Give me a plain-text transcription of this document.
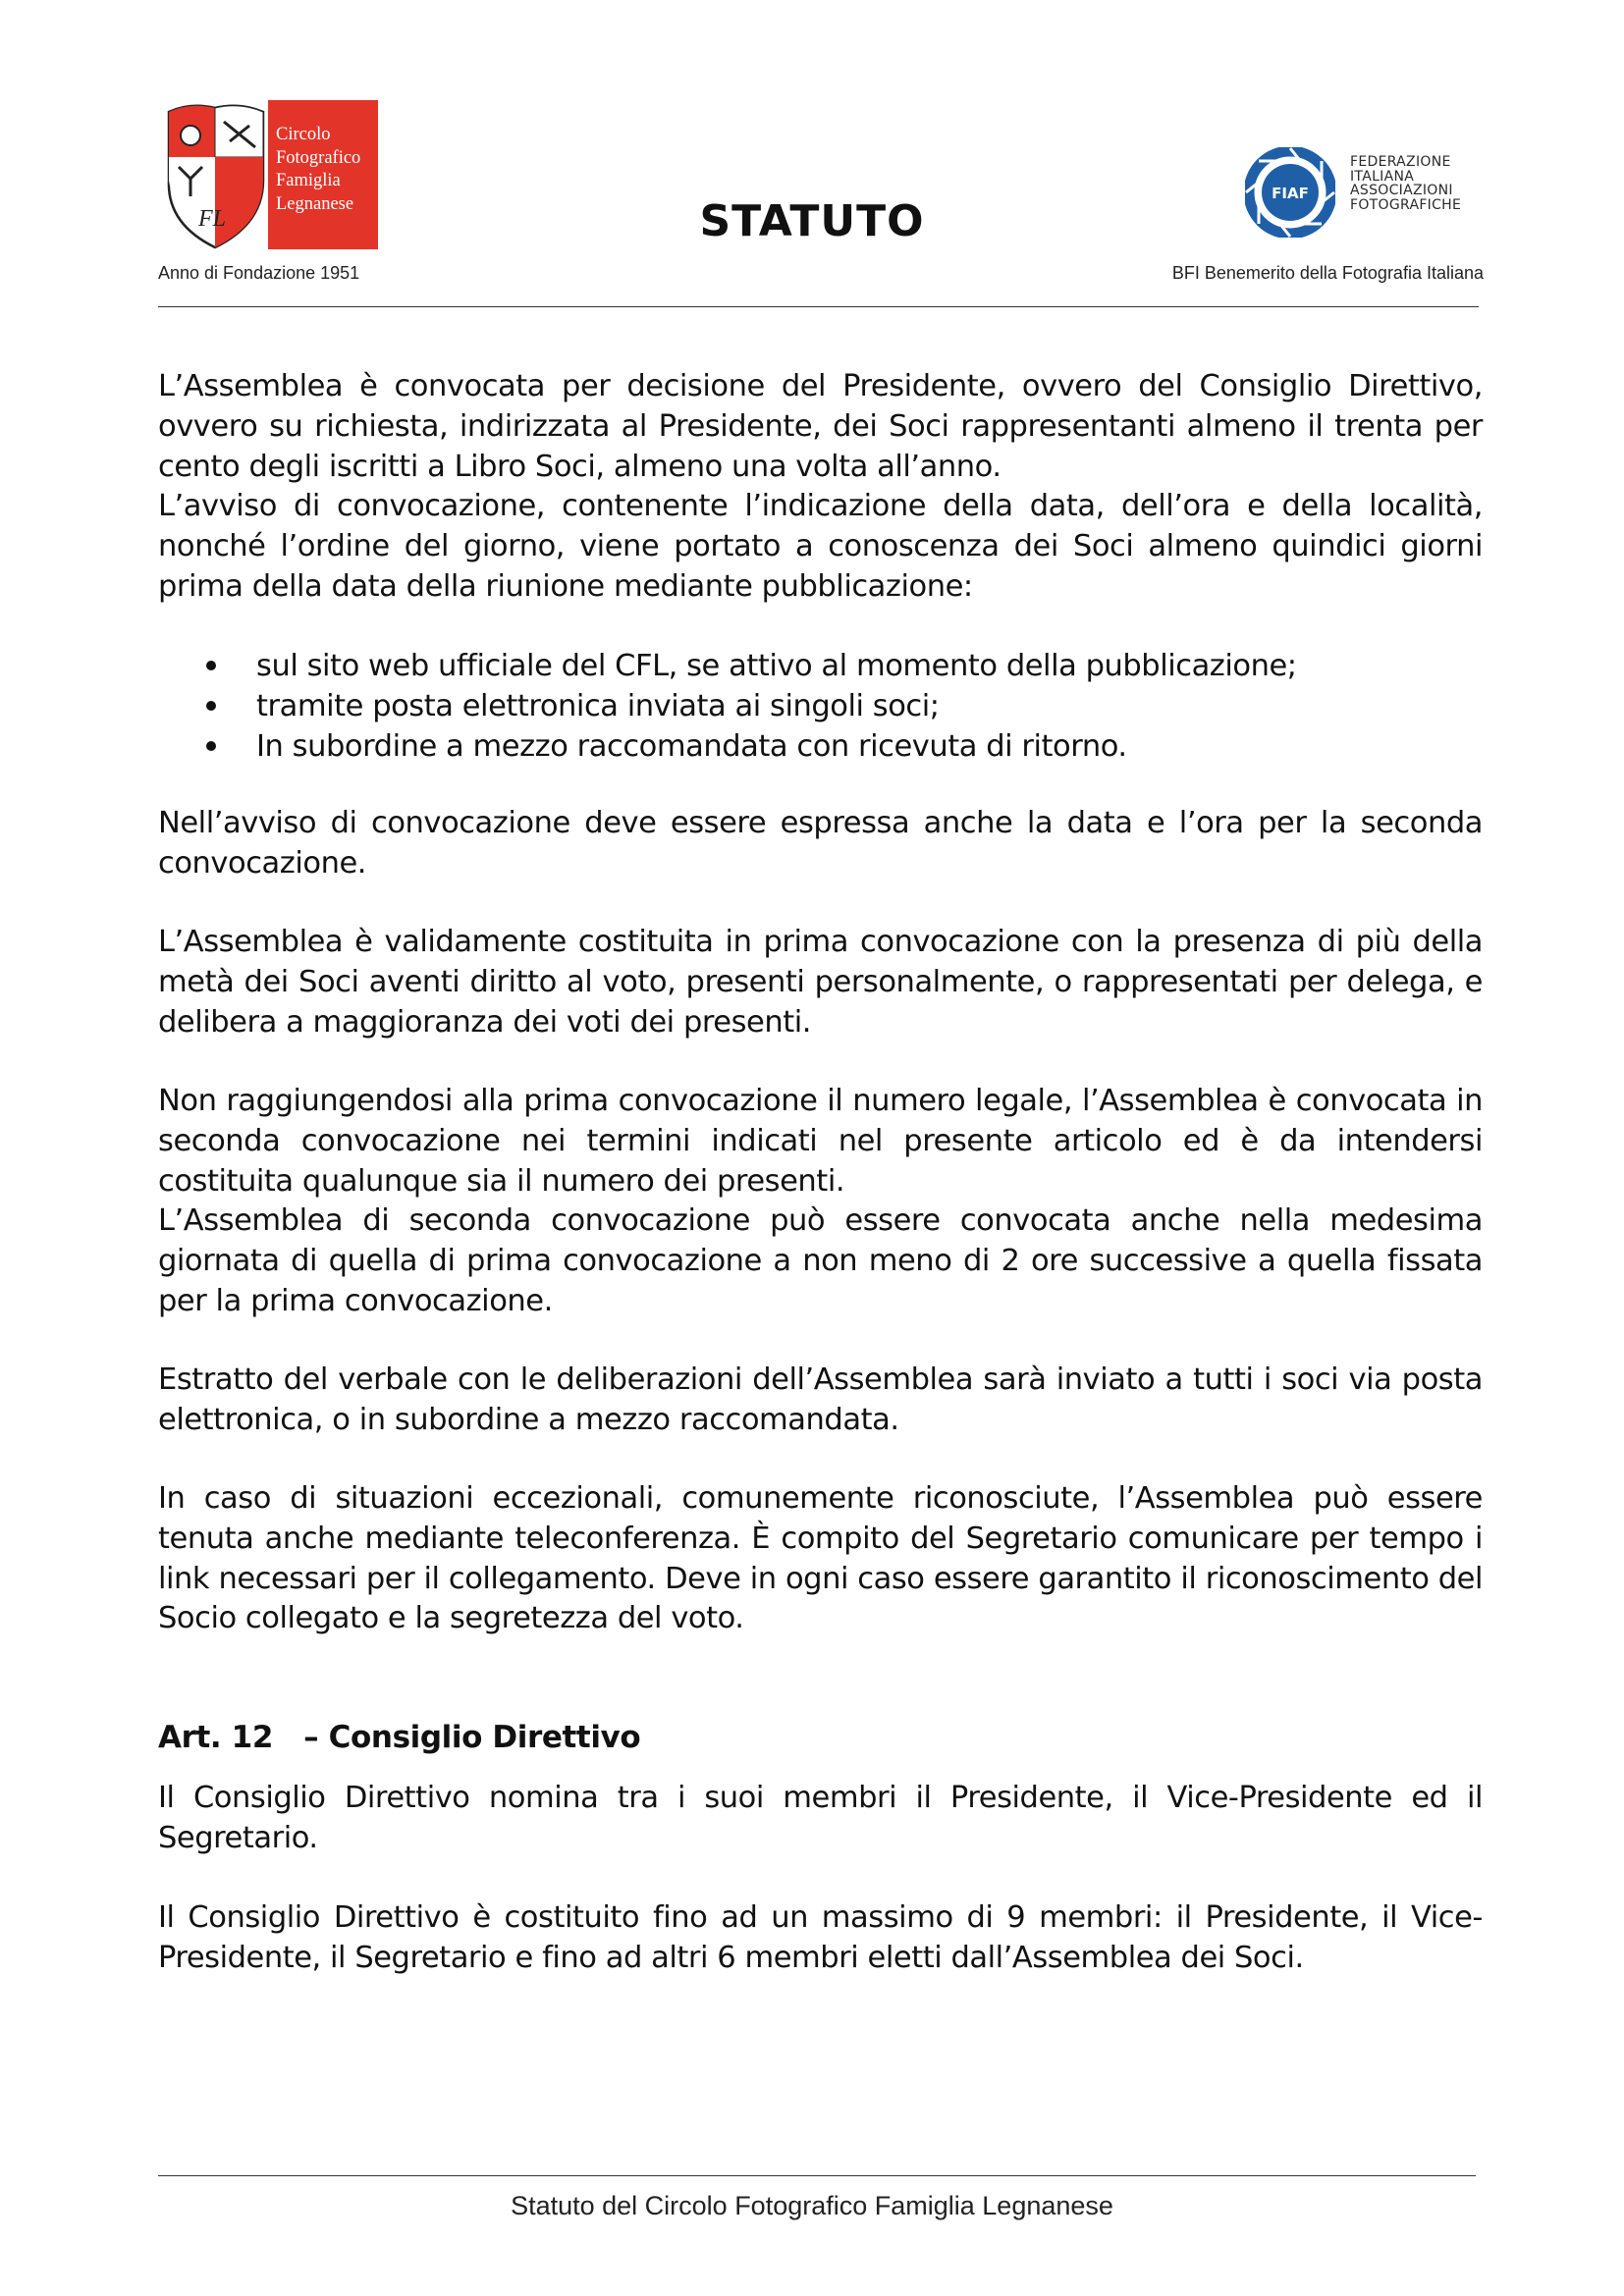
FL
Circolo
Fotografico
Famiglia
Legnanese	STATUTO
FIAF
FEDERAZIONE
ITALIANA
ASSOCIAZIONI
FOTOGRAFICHE
Anno di Fondazione 1951	BFI Benemerito della Fotografia Italiana

L’Assemblea è convocata per decisione del Presidente, ovvero del Consiglio Direttivo, ovvero su richiesta, indirizzata al Presidente, dei Soci rappresentanti almeno il trenta per cento degli iscritti a Libro Soci, almeno una volta all’anno.

L’avviso di convocazione, contenente l’indicazione della data, dell’ora e della località, nonché l’ordine del giorno, viene portato a conoscenza dei Soci almeno quindici giorni prima della data della riunione mediante pubblicazione:

sul sito web ufficiale del CFL, se attivo al momento della pubblicazione;
tramite posta elettronica inviata ai singoli soci;
In subordine a mezzo raccomandata con ricevuta di ritorno.

Nell’avviso di convocazione deve essere espressa anche la data e l’ora per la seconda convocazione.

L’Assemblea è validamente costituita in prima convocazione con la presenza di più della metà dei Soci aventi diritto al voto, presenti personalmente, o rappresentati per delega, e delibera a maggioranza dei voti dei presenti.

Non raggiungendosi alla prima convocazione il numero legale, l’Assemblea è convocata in seconda convocazione nei termini indicati nel presente articolo ed è da intendersi costituita qualunque sia il numero dei presenti.

L’Assemblea di seconda convocazione può essere convocata anche nella medesima giornata di quella di prima convocazione a non meno di 2 ore successive a quella fissata per la prima convocazione.

Estratto del verbale con le deliberazioni dell’Assemblea sarà inviato a tutti i soci via posta elettronica, o in subordine a mezzo raccomandata.

In caso di situazioni eccezionali, comunemente riconosciute, l’Assemblea può essere tenuta anche mediante teleconferenza. È compito del Segretario comunicare per tempo i link necessari per il collegamento. Deve in ogni caso essere garantito il riconoscimento del Socio collegato e la segretezza del voto.

Art. 12   – Consiglio Direttivo

Il Consiglio Direttivo nomina tra i suoi membri il Presidente, il Vice-Presidente ed il Segretario.

Il Consiglio Direttivo è costituito fino ad un massimo di 9 membri: il Presidente, il Vice-Presidente, il Segretario e fino ad altri 6 membri eletti dall’Assemblea dei Soci.

Statuto del Circolo Fotografico Famiglia Legnanese
